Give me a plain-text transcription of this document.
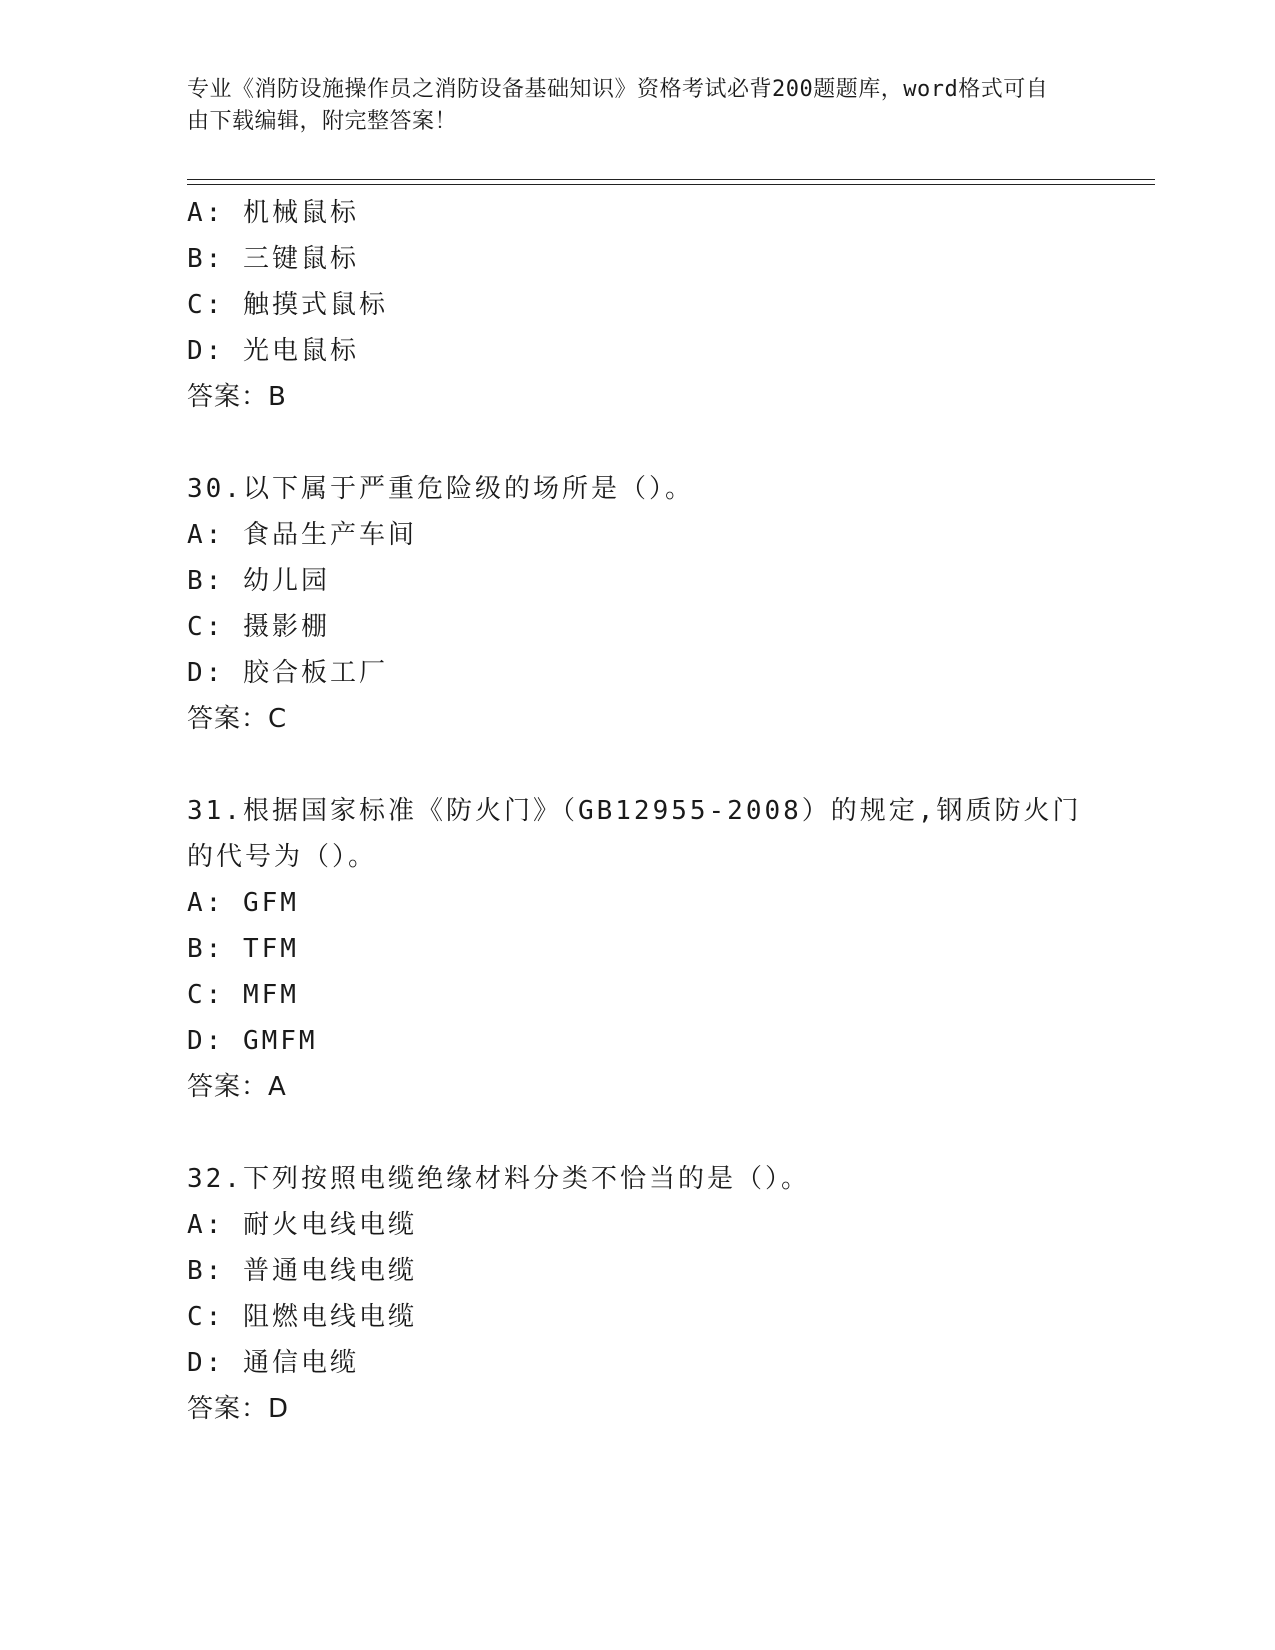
专业《消防设施操作员之消防设备基础知识》资格考试必背200题题库，word格式可自由下载编辑，附完整答案！
A: 机械鼠标
B: 三键鼠标
C: 触摸式鼠标
D: 光电鼠标
答案：B
30.以下属于严重危险级的场所是（）。
A: 食品生产车间
B: 幼儿园
C: 摄影棚
D: 胶合板工厂
答案：C
31.根据国家标准《防火门》（GB12955-2008）的规定,钢质防火门的代号为（）。
A: GFM
B: TFM
C: MFM
D: GMFM
答案：A
32.下列按照电缆绝缘材料分类不恰当的是（）。
A: 耐火电线电缆
B: 普通电线电缆
C: 阻燃电线电缆
D: 通信电缆
答案：D
